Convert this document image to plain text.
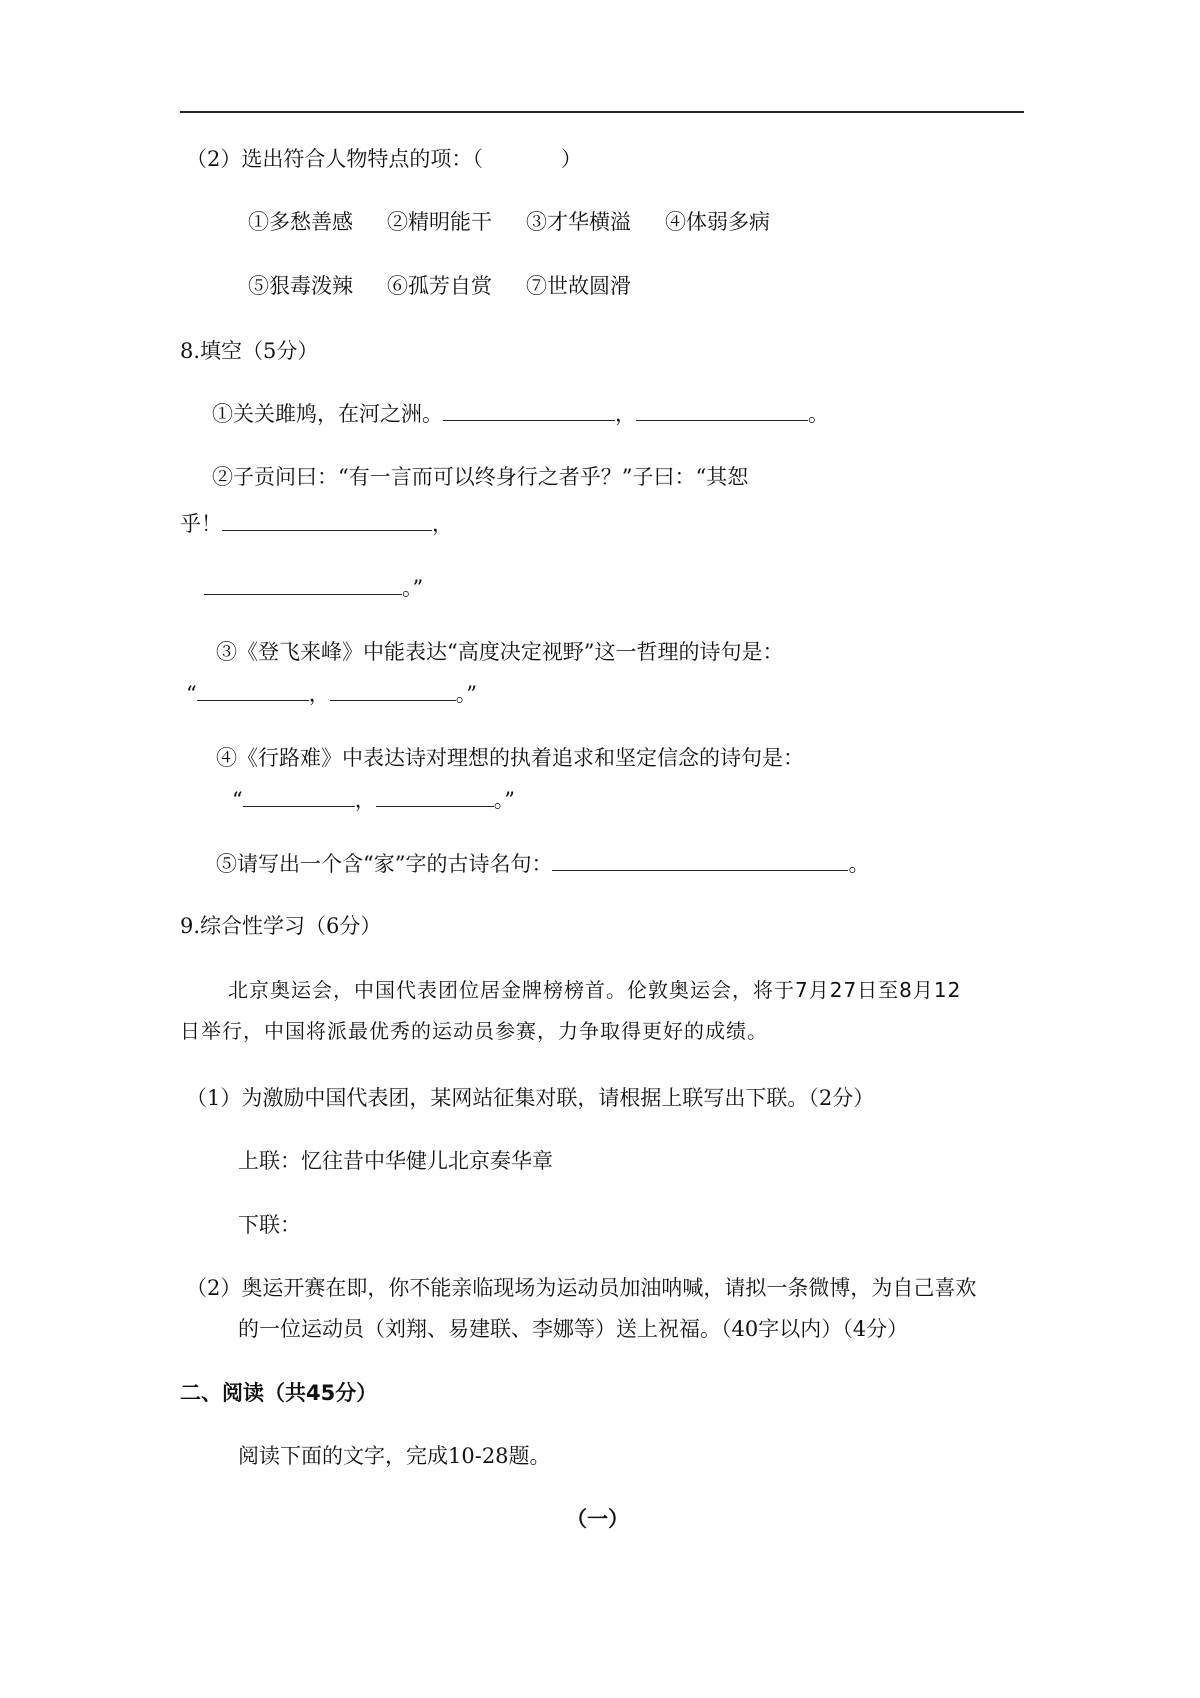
（2）选出符合人物特点的项：（	）
①多愁善感 ②精明能干 ③才华横溢 ④体弱多病
⑤狠毒泼辣 ⑥孤芳自赏 ⑦世故圆滑
8.填空（5分）
①关关雎鸠，在河之洲。	，	。
②子贡问曰：“有一言而可以终身行之者乎？”子曰：“其恕
乎！	，
。”
③《登飞来峰》中能表达“高度决定视野”这一哲理的诗句是：
“	，	。”
④《行路难》中表达诗对理想的执着追求和坚定信念的诗句是：
“	，	。”
⑤请写出一个含“家”字的古诗名句：	。
9.综合性学习（6分）
北京奥运会，中国代表团位居金牌榜榜首。伦敦奥运会，将于7月27日至8月12
日举行，中国将派最优秀的运动员参赛，力争取得更好的成绩。
（1）为激励中国代表团，某网站征集对联，请根据上联写出下联。（2分）
上联：忆往昔中华健儿北京奏华章
下联：
（2）奥运开赛在即，你不能亲临现场为运动员加油呐喊，请拟一条微博，为自己喜欢
的一位运动员（刘翔、易建联、李娜等）送上祝福。（40字以内）（4分）
二、阅读（共45分）
阅读下面的文字，完成10-28题。
（一）
